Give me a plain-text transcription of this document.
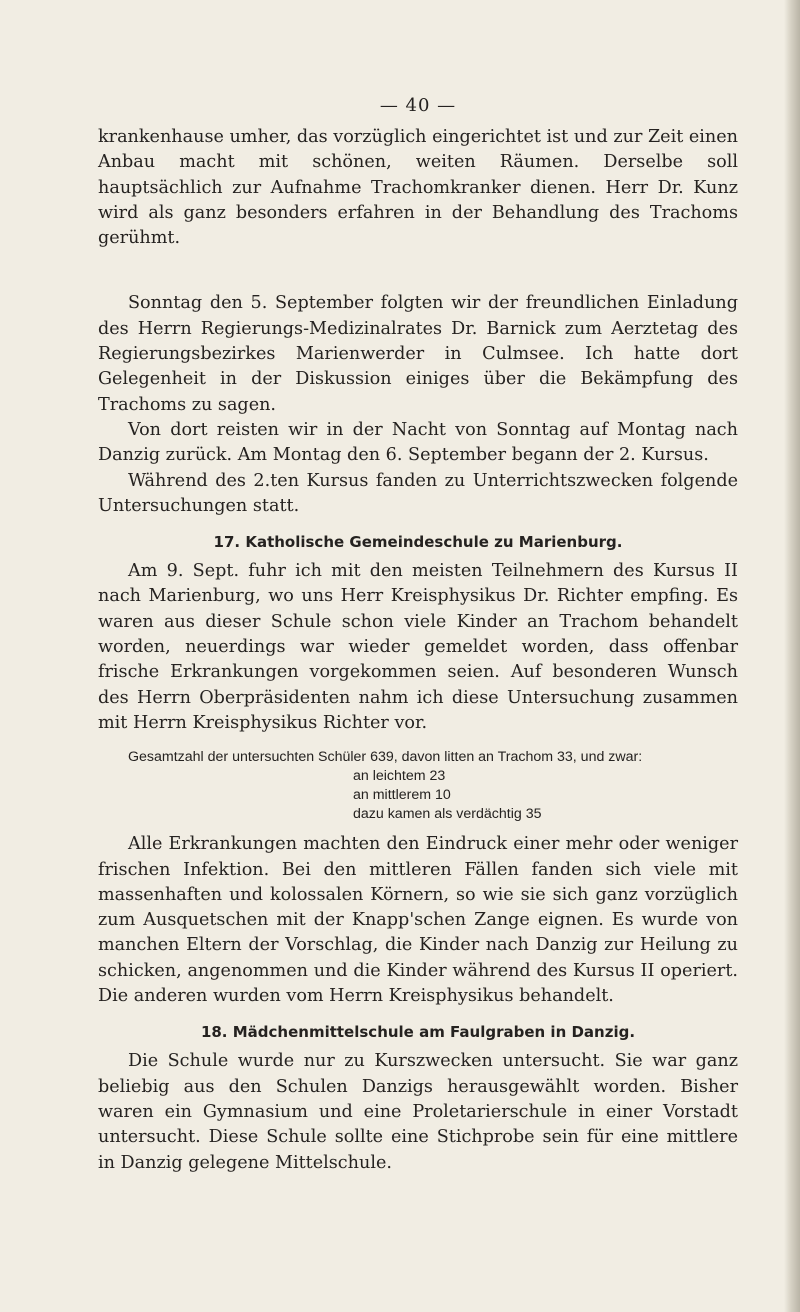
— 40 —

krankenhause umher, das vorzüglich eingerichtet ist und zur Zeit einen Anbau macht mit schönen, weiten Räumen. Derselbe soll hauptsächlich zur Aufnahme Trachomkranker dienen. Herr Dr. Kunz wird als ganz besonders erfahren in der Behandlung des Trachoms gerühmt.

Sonntag den 5. September folgten wir der freundlichen Einladung des Herrn Regierungs-Medizinalrates Dr. Barnick zum Aerztetag des Regierungsbezirkes Marienwerder in Culmsee. Ich hatte dort Gelegenheit in der Diskussion einiges über die Bekämpfung des Trachoms zu sagen.

Von dort reisten wir in der Nacht von Sonntag auf Montag nach Danzig zurück. Am Montag den 6. September begann der 2. Kursus.

Während des 2.ten Kursus fanden zu Unterrichtszwecken folgende Untersuchungen statt.

17. Katholische Gemeindeschule zu Marienburg.

Am 9. Sept. fuhr ich mit den meisten Teilnehmern des Kursus II nach Marienburg, wo uns Herr Kreisphysikus Dr. Richter empfing. Es waren aus dieser Schule schon viele Kinder an Trachom behandelt worden, neuerdings war wieder gemeldet worden, dass offenbar frische Erkrankungen vorgekommen seien. Auf besonderen Wunsch des Herrn Oberpräsidenten nahm ich diese Untersuchung zusammen mit Herrn Kreisphysikus Richter vor.

Gesamtzahl der untersuchten Schüler 639, davon litten an Trachom 33, und zwar:

an leichtem 23
an mittlerem 10
dazu kamen als verdächtig 35

Alle Erkrankungen machten den Eindruck einer mehr oder weniger frischen Infektion. Bei den mittleren Fällen fanden sich viele mit massenhaften und kolossalen Körnern, so wie sie sich ganz vorzüglich zum Ausquetschen mit der Knapp'schen Zange eignen. Es wurde von manchen Eltern der Vorschlag, die Kinder nach Danzig zur Heilung zu schicken, angenommen und die Kinder während des Kursus II operiert. Die anderen wurden vom Herrn Kreisphysikus behandelt.

18. Mädchenmittelschule am Faulgraben in Danzig.

Die Schule wurde nur zu Kurszwecken untersucht. Sie war ganz beliebig aus den Schulen Danzigs herausgewählt worden. Bisher waren ein Gymnasium und eine Proletarierschule in einer Vorstadt untersucht. Diese Schule sollte eine Stichprobe sein für eine mittlere in Danzig gelegene Mittelschule.
